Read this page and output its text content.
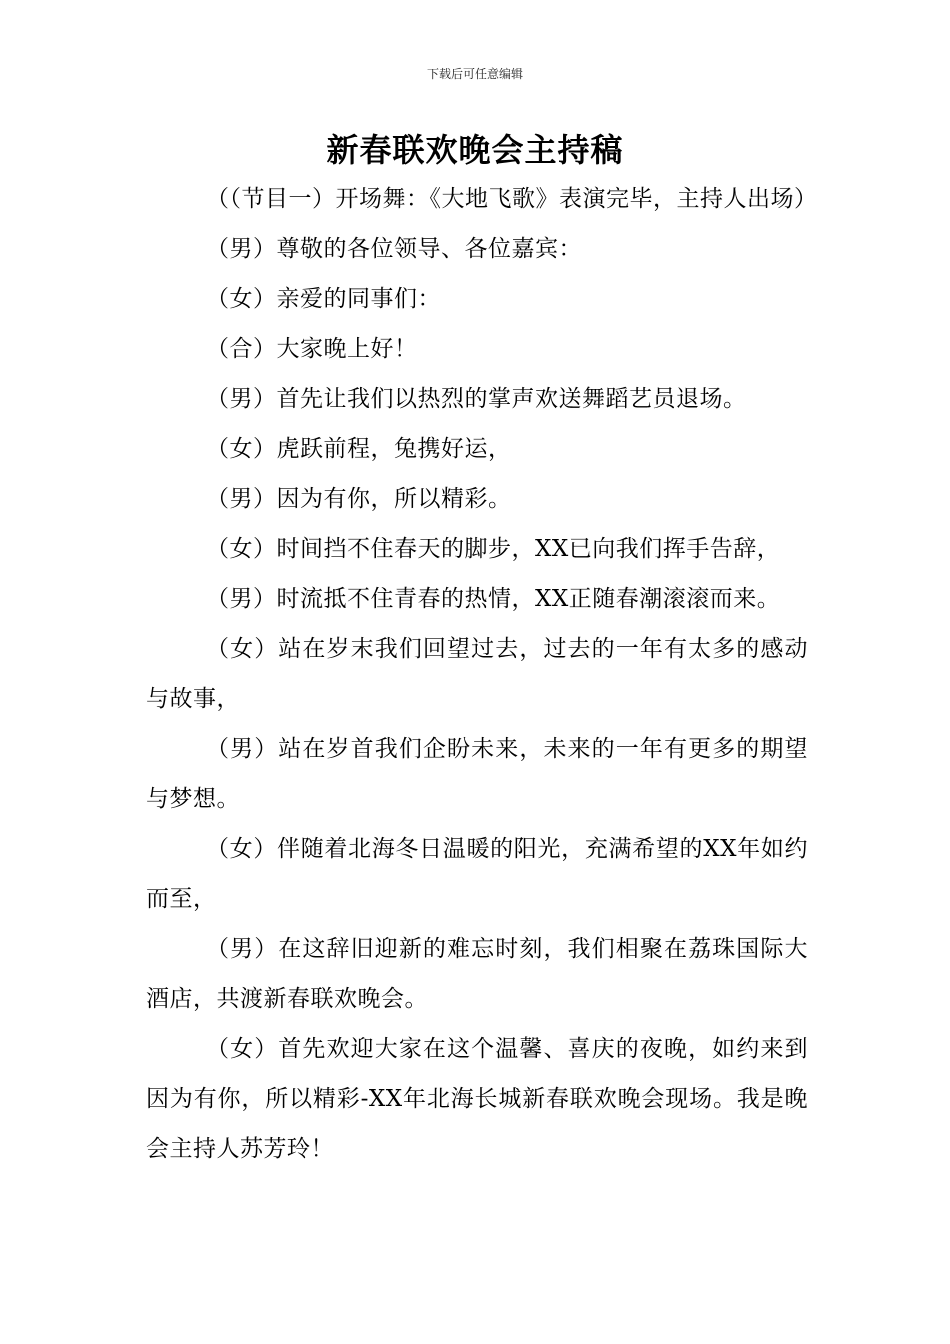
下载后可任意编辑
新春联欢晚会主持稿

（（节目一）开场舞：《大地飞歌》表演完毕，主持人出场）

（男）尊敬的各位领导、各位嘉宾：

（女）亲爱的同事们：

（合）大家晚上好！

（男）首先让我们以热烈的掌声欢送舞蹈艺员退场。

（女）虎跃前程，兔携好运，

（男）因为有你，所以精彩。

（女）时间挡不住春天的脚步，XX已向我们挥手告辞，

（男）时流抵不住青春的热情，XX正随春潮滚滚而来。

（女）站在岁末我们回望过去，过去的一年有太多的感动与故事，

（男）站在岁首我们企盼未来，未来的一年有更多的期望与梦想。

（女）伴随着北海冬日温暖的阳光，充满希望的XX年如约而至，

（男）在这辞旧迎新的难忘时刻，我们相聚在荔珠国际大酒店，共渡新春联欢晚会。

（女）首先欢迎大家在这个温馨、喜庆的夜晚，如约来到因为有你，所以精彩-XX年北海长城新春联欢晚会现场。我是晚会主持人苏芳玲！
